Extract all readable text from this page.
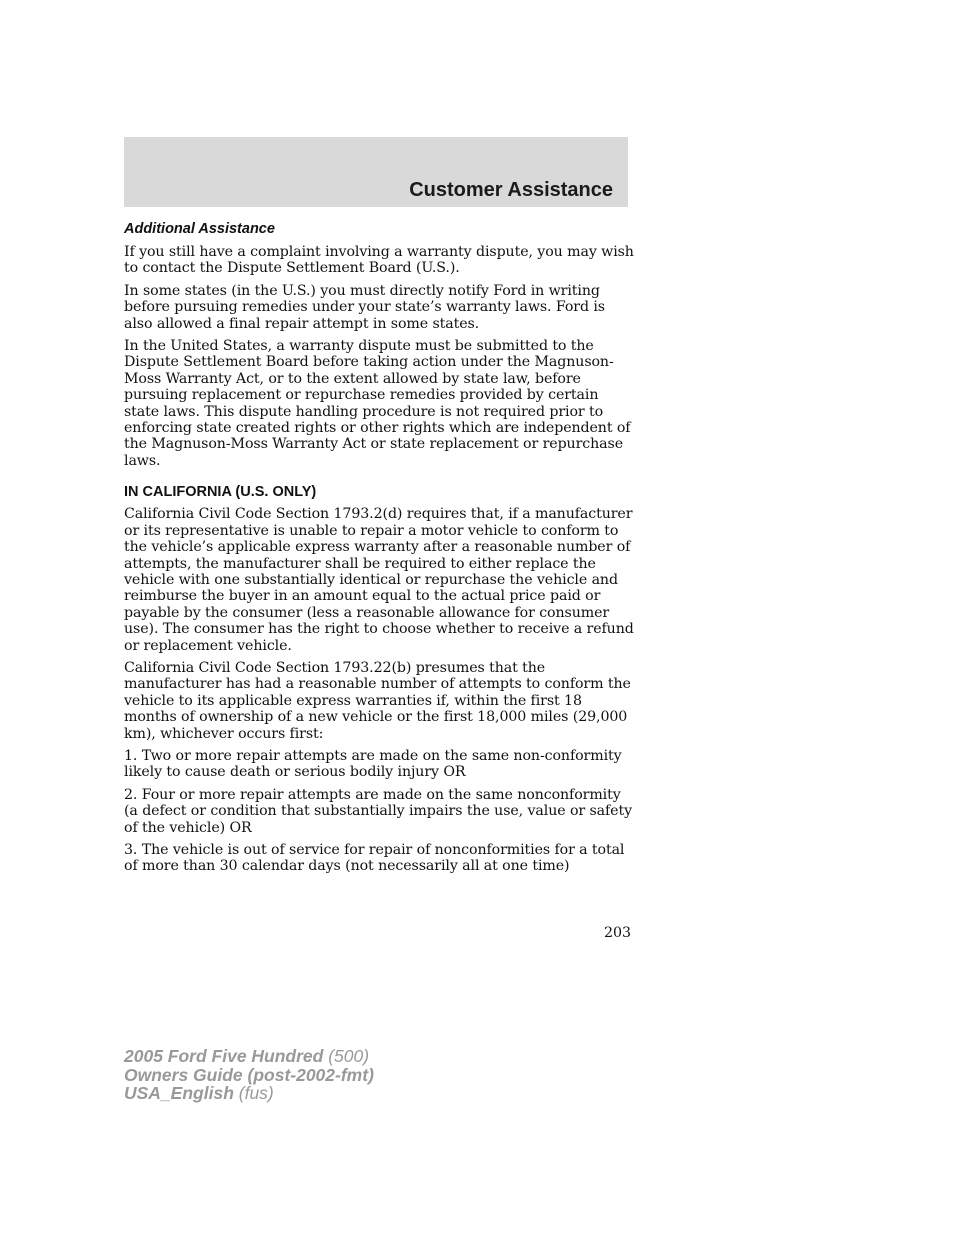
Customer Assistance
Additional Assistance

If you still have a complaint involving a warranty dispute, you may wish to contact the Dispute Settlement Board (U.S.).

In some states (in the U.S.) you must directly notify Ford in writing before pursuing remedies under your state’s warranty laws. Ford is also allowed a final repair attempt in some states.

In the United States, a warranty dispute must be submitted to the Dispute Settlement Board before taking action under the Magnuson-Moss Warranty Act, or to the extent allowed by state law, before pursuing replacement or repurchase remedies provided by certain state laws. This dispute handling procedure is not required prior to enforcing state created rights or other rights which are independent of the Magnuson-Moss Warranty Act or state replacement or repurchase laws.

IN CALIFORNIA (U.S. ONLY)

California Civil Code Section 1793.2(d) requires that, if a manufacturer or its representative is unable to repair a motor vehicle to conform to the vehicle’s applicable express warranty after a reasonable number of attempts, the manufacturer shall be required to either replace the vehicle with one substantially identical or repurchase the vehicle and reimburse the buyer in an amount equal to the actual price paid or payable by the consumer (less a reasonable allowance for consumer use). The consumer has the right to choose whether to receive a refund or replacement vehicle.

California Civil Code Section 1793.22(b) presumes that the manufacturer has had a reasonable number of attempts to conform the vehicle to its applicable express warranties if, within the first 18 months of ownership of a new vehicle or the first 18,000 miles (29,000 km), whichever occurs first:

1. Two or more repair attempts are made on the same non-conformity likely to cause death or serious bodily injury OR

2. Four or more repair attempts are made on the same nonconformity (a defect or condition that substantially impairs the use, value or safety of the vehicle) OR

3. The vehicle is out of service for repair of nonconformities for a total of more than 30 calendar days (not necessarily all at one time)

203
2005 Ford Five Hundred (500)
Owners Guide (post-2002-fmt)
USA_English (fus)
